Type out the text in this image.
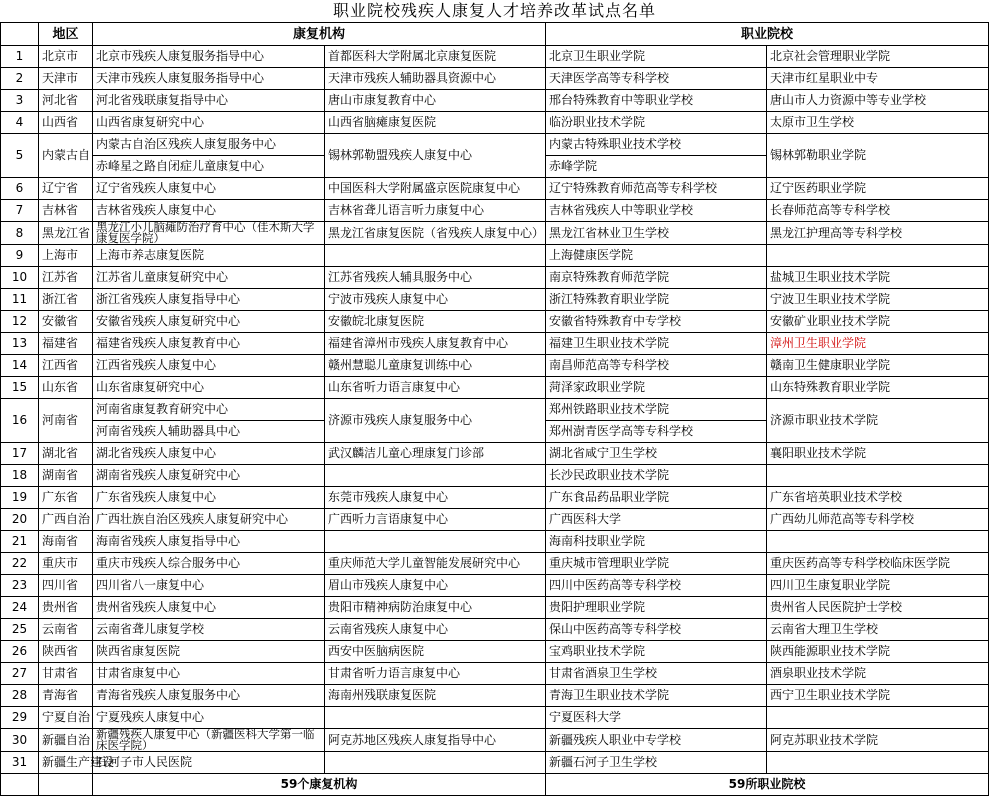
职业院校残疾人康复人才培养改革试点名单
	地区	康复机构		职业院校	
1	北京市	北京市残疾人康复服务指导中心	首都医科大学附属北京康复医院	北京卫生职业学院	北京社会管理职业学院
2	天津市	天津市残疾人康复服务指导中心	天津市残疾人辅助器具资源中心	天津医学高等专科学校	天津市红星职业中专
3	河北省	河北省残联康复指导中心	唐山市康复教育中心	邢台特殊教育中等职业学校	唐山市人力资源中等专业学校
4	山西省	山西省康复研究中心	山西省脑瘫康复医院	临汾职业技术学院	太原市卫生学校
5	内蒙古自	内蒙古自治区残疾人康复服务中心	锡林郭勒盟残疾人康复中心	内蒙古特殊职业技术学校	锡林郭勒职业学院
		赤峰星之路自闭症儿童康复中心		赤峰学院	
6	辽宁省	辽宁省残疾人康复中心	中国医科大学附属盛京医院康复中心	辽宁特殊教育师范高等专科学校	辽宁医药职业学院
7	吉林省	吉林省残疾人康复中心	吉林省聋儿语言听力康复中心	吉林省残疾人中等职业学校	长春师范高等专科学校
8	黑龙江省	黑龙江小儿脑瘫防治疗育中心（佳木斯大学康复医学院）	黑龙江省康复医院（省残疾人康复中心）	黑龙江省林业卫生学校	黑龙江护理高等专科学校
9	上海市	上海市养志康复医院		上海健康医学院	
10	江苏省	江苏省儿童康复研究中心	江苏省残疾人辅具服务中心	南京特殊教育师范学院	盐城卫生职业技术学院
11	浙江省	浙江省残疾人康复指导中心	宁波市残疾人康复中心	浙江特殊教育职业学院	宁波卫生职业技术学院
12	安徽省	安徽省残疾人康复研究中心	安徽皖北康复医院	安徽省特殊教育中专学校	安徽矿业职业技术学院
13	福建省	福建省残疾人康复教育中心	福建省漳州市残疾人康复教育中心	福建卫生职业技术学院	漳州卫生职业学院
14	江西省	江西省残疾人康复中心	赣州慧聪儿童康复训练中心	南昌师范高等专科学校	赣南卫生健康职业学院
15	山东省	山东省康复研究中心	山东省听力语言康复中心	菏泽家政职业学院	山东特殊教育职业学院
16	河南省	河南省康复教育研究中心	济源市残疾人康复服务中心	郑州铁路职业技术学院	济源市职业技术学院
		河南省残疾人辅助器具中心		郑州澍青医学高等专科学校	
17	湖北省	湖北省残疾人康复中心	武汉麟洁儿童心理康复门诊部	湖北省咸宁卫生学校	襄阳职业技术学院
18	湖南省	湖南省残疾人康复研究中心		长沙民政职业技术学院	
19	广东省	广东省残疾人康复中心	东莞市残疾人康复中心	广东食品药品职业学院	广东省培英职业技术学校
20	广西自治	广西壮族自治区残疾人康复研究中心	广西听力言语康复中心	广西医科大学	广西幼儿师范高等专科学校
21	海南省	海南省残疾人康复指导中心		海南科技职业学院	
22	重庆市	重庆市残疾人综合服务中心	重庆师范大学儿童智能发展研究中心	重庆城市管理职业学院	重庆医药高等专科学校临床医学院
23	四川省	四川省八一康复中心	眉山市残疾人康复中心	四川中医药高等专科学校	四川卫生康复职业学院
24	贵州省	贵州省残疾人康复中心	贵阳市精神病防治康复中心	贵阳护理职业学院	贵州省人民医院护士学校
25	云南省	云南省聋儿康复学校	云南省残疾人康复中心	保山中医药高等专科学校	云南省大理卫生学校
26	陕西省	陕西省康复医院	西安中医脑病医院	宝鸡职业技术学院	陕西能源职业技术学院
27	甘肃省	甘肃省康复中心	甘肃省听力语言康复中心	甘肃省酒泉卫生学校	酒泉职业技术学院
28	青海省	青海省残疾人康复服务中心	海南州残联康复医院	青海卫生职业技术学院	西宁卫生职业技术学院
29	宁夏自治	宁夏残疾人康复中心		宁夏医科大学	
30	新疆自治	新疆残疾人康复中心（新疆医科大学第一临床医学院）	阿克苏地区残疾人康复指导中心	新疆残疾人职业中专学校	阿克苏职业技术学院
31	新疆生产建设	石河子市人民医院		新疆石河子卫生学校	
		59个康复机构		59所职业院校	
